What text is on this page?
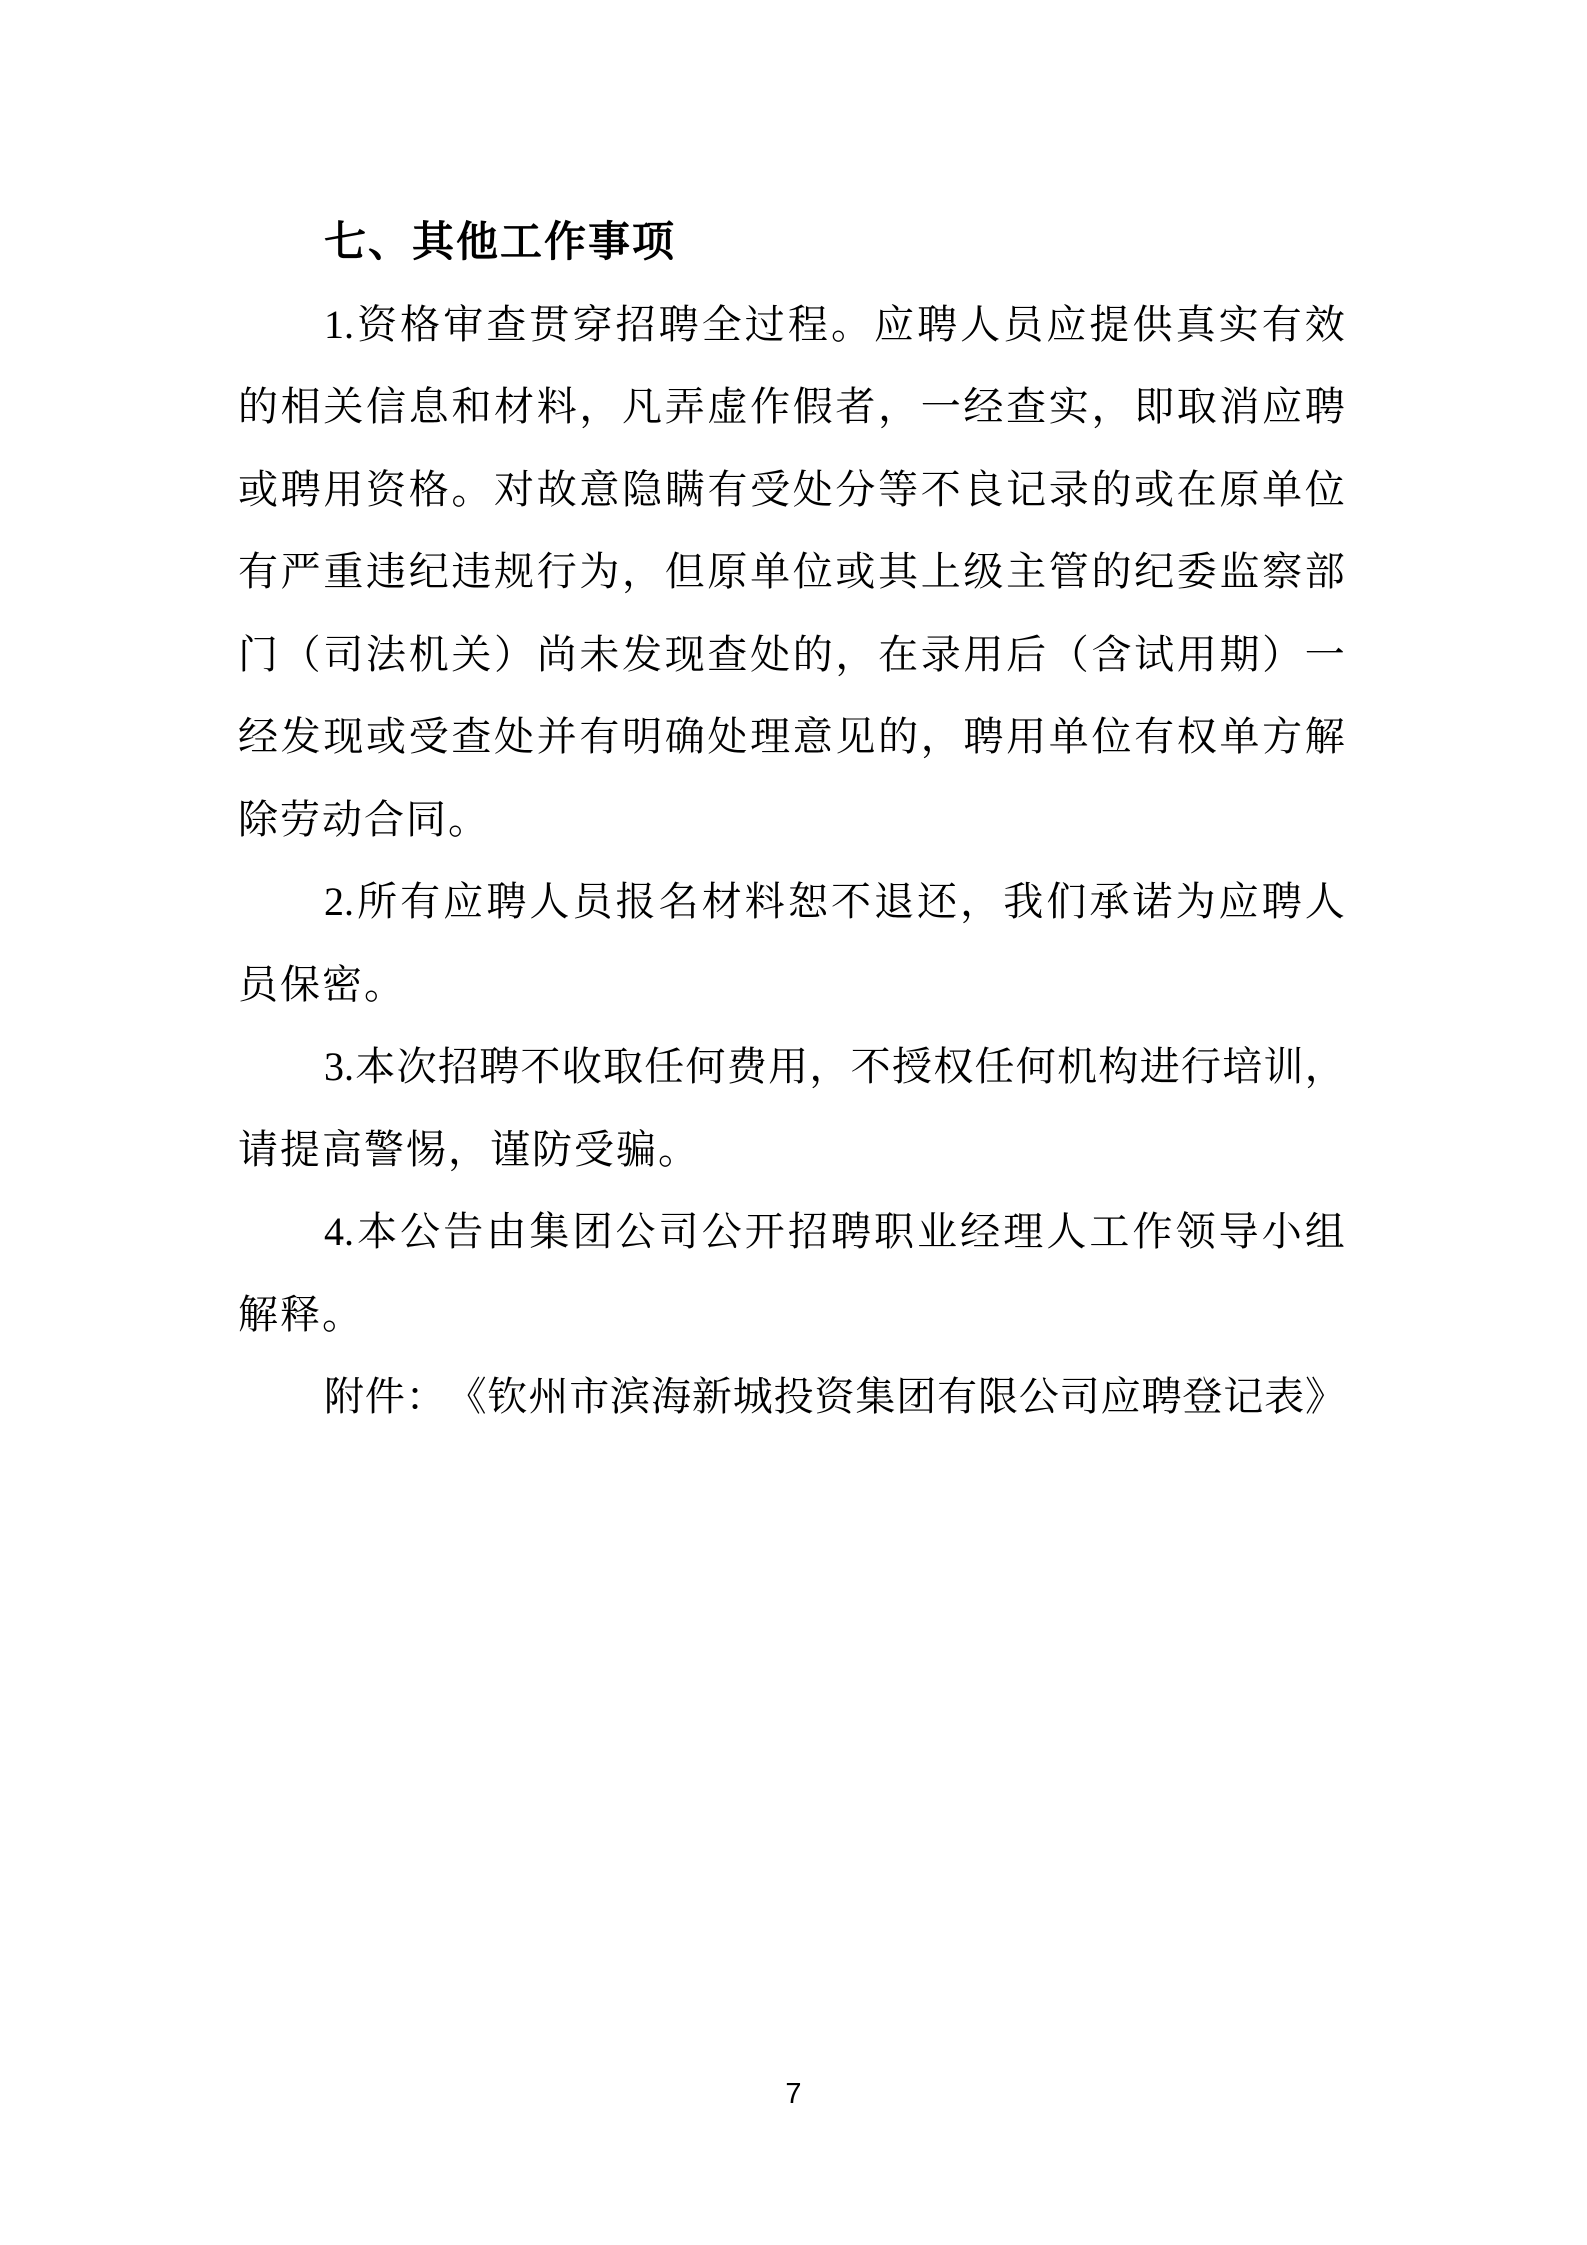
七、其他工作事项
1. 资 格 审 查 贯 穿 招 聘 全 过 程 。 应 聘 人 员 应 提 供 真 实 有 效
的 相 关 信 息 和 材 料 ， 凡 弄 虚 作 假 者 ， 一 经 查 实 ， 即 取 消 应 聘
或 聘 用 资 格 。 对 故 意 隐 瞒 有 受 处 分 等 不 良 记 录 的 或 在 原 单 位
有 严 重 违 纪 违 规 行 为 ， 但 原 单 位 或 其 上 级 主 管 的 纪 委 监 察 部
门 （ 司 法 机 关 ） 尚 未 发 现 查 处 的 ， 在 录 用 后 （ 含 试 用 期 ） 一
经 发 现 或 受 查 处 并 有 明 确 处 理 意 见 的 ， 聘 用 单 位 有 权 单 方 解
除劳动合同。
2. 所 有 应 聘 人 员 报 名 材 料 恕 不 退 还 ， 我 们 承 诺 为 应 聘 人
员保密。
3. 本 次 招 聘 不 收 取 任 何 费 用 ， 不 授 权 任 何 机 构 进 行 培 训 ，
请提高警惕，谨防受骗。
4. 本 公 告 由 集 团 公 司 公 开 招 聘 职 业 经 理 人 工 作 领 导 小 组
解释。
附 件 ： 《 钦 州 市 滨 海 新 城 投 资 集 团 有 限 公 司 应 聘 登 记 表 》
7
